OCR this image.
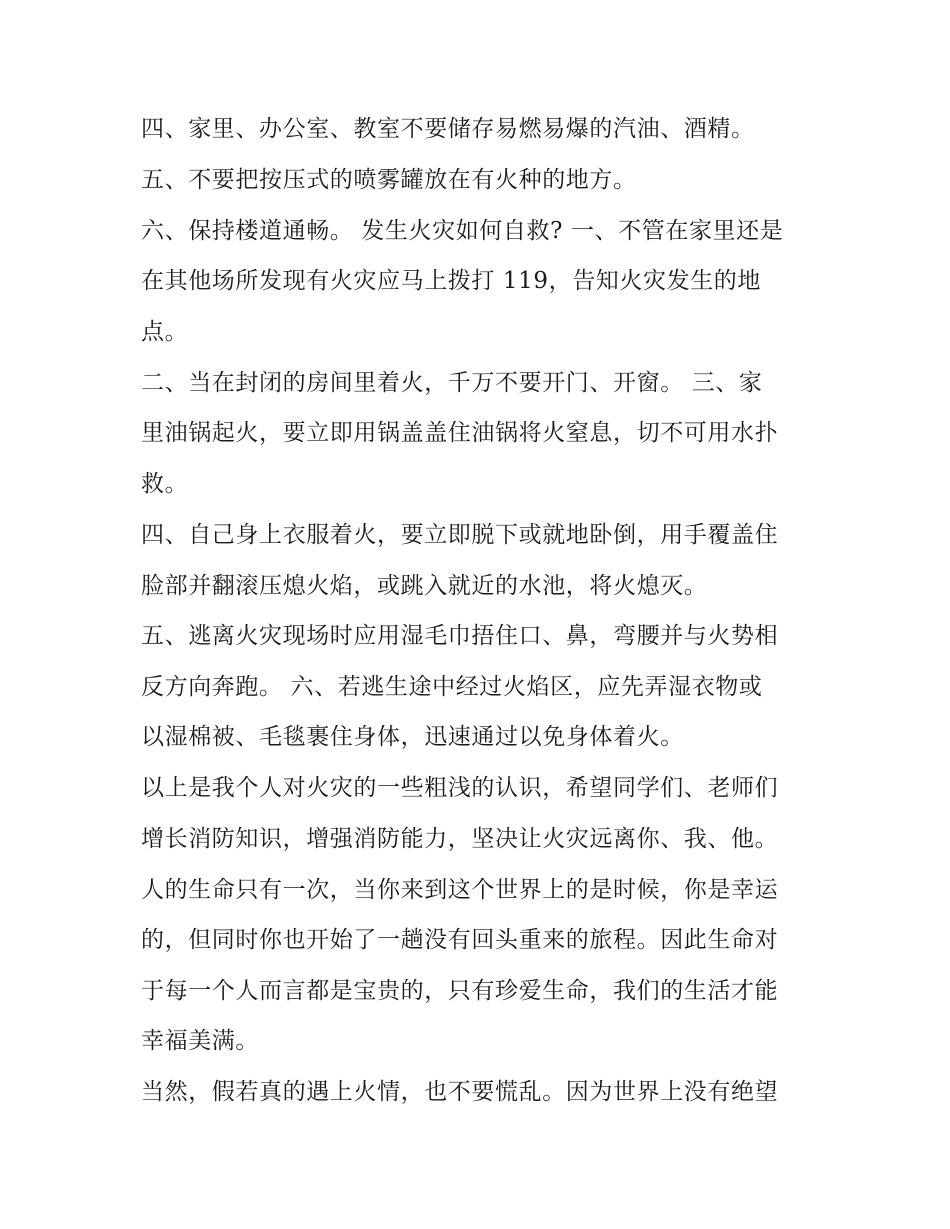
四、家里、办公室、教室不要储存易燃易爆的汽油、酒精。
五、不要把按压式的喷雾罐放在有火种的地方。
六、保持楼道通畅。 发生火灾如何自救? 一、不管在家里还是
在其他场所发现有火灾应马上拨打 119，告知火灾发生的地
点。
二、当在封闭的房间里着火，千万不要开门、开窗。 三、家
里油锅起火，要立即用锅盖盖住油锅将火窒息，切不可用水扑
救。
四、自己身上衣服着火，要立即脱下或就地卧倒，用手覆盖住
脸部并翻滚压熄火焰，或跳入就近的水池，将火熄灭。
五、逃离火灾现场时应用湿毛巾捂住口、鼻，弯腰并与火势相
反方向奔跑。 六、若逃生途中经过火焰区，应先弄湿衣物或
以湿棉被、毛毯裹住身体，迅速通过以免身体着火。
以上是我个人对火灾的一些粗浅的认识，希望同学们、老师们
增长消防知识，增强消防能力，坚决让火灾远离你、我、他。
人的生命只有一次，当你来到这个世界上的是时候，你是幸运
的，但同时你也开始了一趟没有回头重来的旅程。因此生命对
于每一个人而言都是宝贵的，只有珍爱生命，我们的生活才能
幸福美满。
当然，假若真的遇上火情，也不要慌乱。因为世界上没有绝望
